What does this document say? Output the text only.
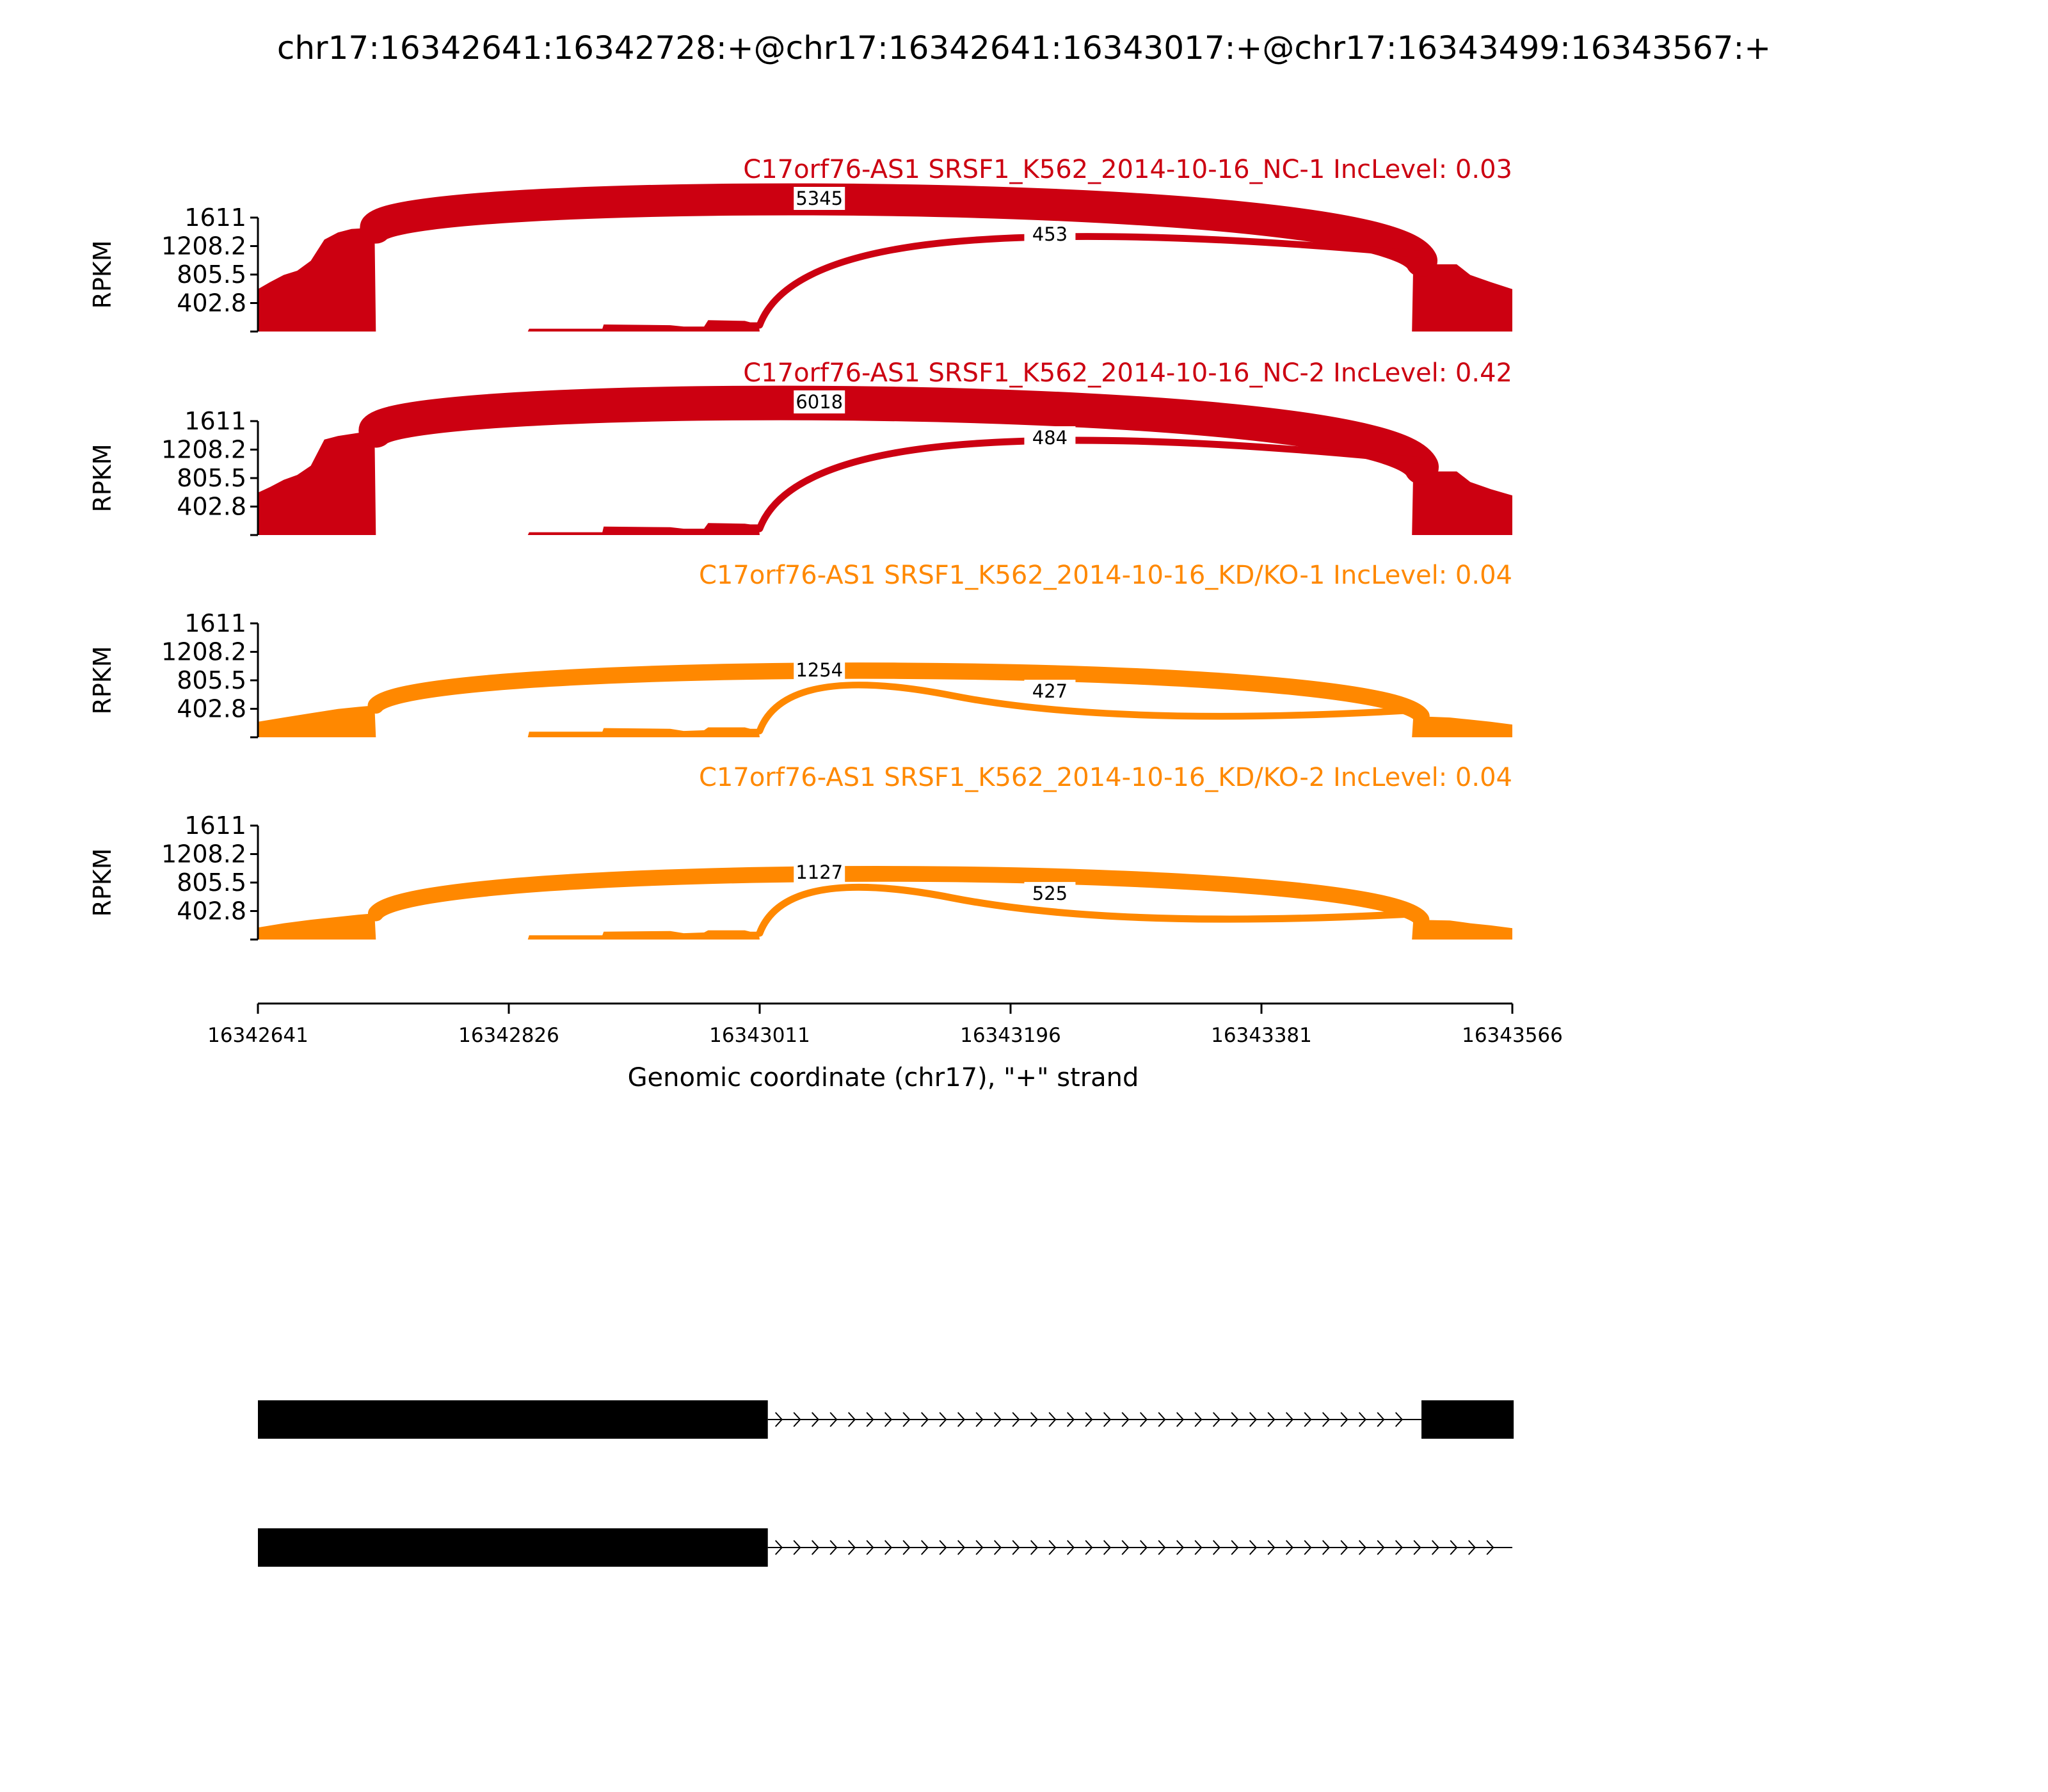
chr17:16342641:16342728:+@chr17:16342641:16343017:+@chr17:16343499:16343567:+
C17orf76-AS1 SRSF1_K562_2014-10-16_NC-1 IncLevel: 0.03
5345
453
1611
1208.2
805.5
402.8
RPKM
C17orf76-AS1 SRSF1_K562_2014-10-16_NC-2 IncLevel: 0.42
6018
484
1611
1208.2
805.5
402.8
RPKM
C17orf76-AS1 SRSF1_K562_2014-10-16_KD/KO-1 IncLevel: 0.04
1254
427
1611
1208.2
805.5
402.8
RPKM
C17orf76-AS1 SRSF1_K562_2014-10-16_KD/KO-2 IncLevel: 0.04
1127
525
1611
1208.2
805.5
402.8
RPKM
16342641	16342826	16343011	16343196	16343381	16343566
Genomic coordinate (chr17), "+" strand
